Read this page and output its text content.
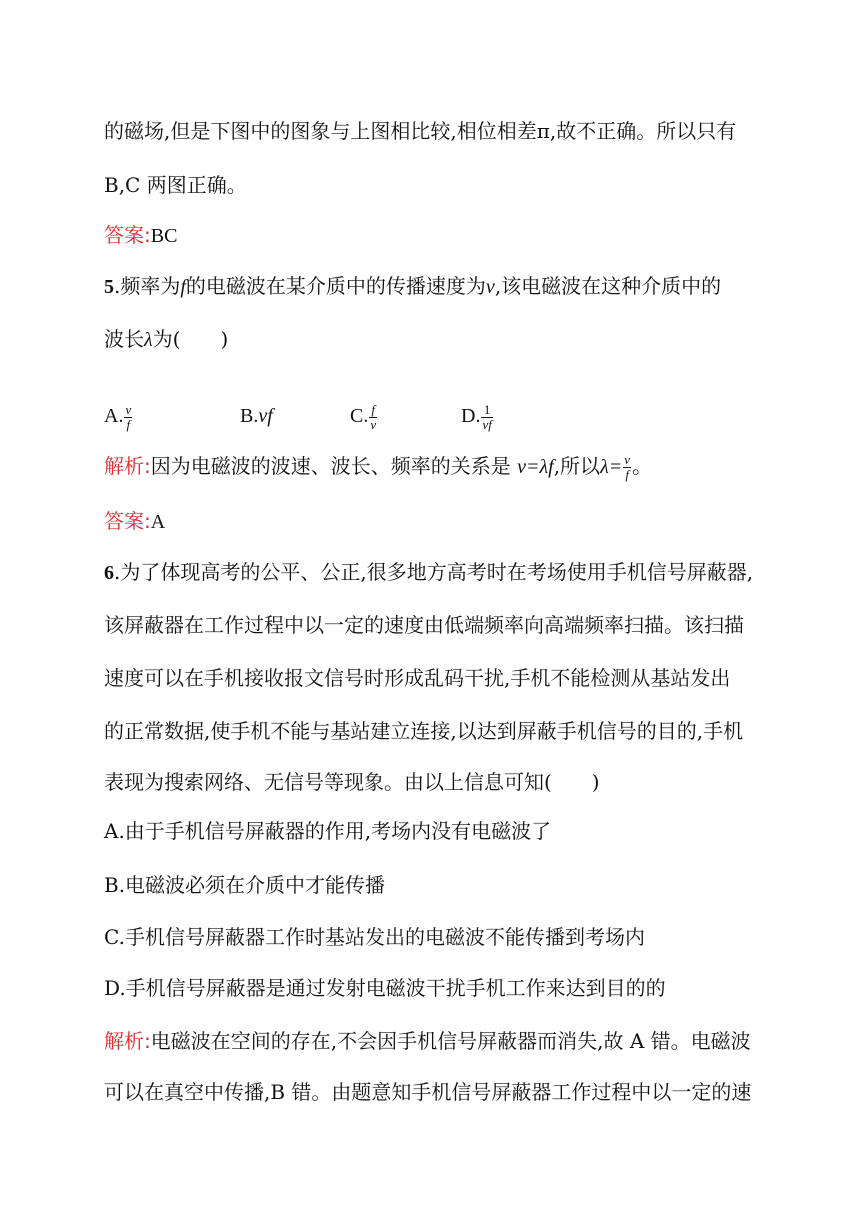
的磁场,但是下图中的图象与上图相比较,相位相差π,故不正确。所以只有
B,C 两图正确。
答案:BC
5.频率为f的电磁波在某介质中的传播速度为v,该电磁波在这种介质中的
波长λ为(　　)
A. $\frac{v}{f}$	B.vf	C. $\frac{f}{v}$	D. $\frac{1}{vf}$
解析:因为电磁波的波速、波长、频率的关系是 v=λf,所以$\lambda= \frac{v}{f}$ 。
答案:A
6.为了体现高考的公平、公正,很多地方高考时在考场使用手机信号屏蔽器,
该屏蔽器在工作过程中以一定的速度由低端频率向高端频率扫描。该扫描
速度可以在手机接收报文信号时形成乱码干扰,手机不能检测从基站发出
的正常数据,使手机不能与基站建立连接,以达到屏蔽手机信号的目的,手机
表现为搜索网络、无信号等现象。由以上信息可知(　　)
A.由于手机信号屏蔽器的作用,考场内没有电磁波了
B.电磁波必须在介质中才能传播
C.手机信号屏蔽器工作时基站发出的电磁波不能传播到考场内
D.手机信号屏蔽器是通过发射电磁波干扰手机工作来达到目的的
解析:电磁波在空间的存在,不会因手机信号屏蔽器而消失,故 A 错。电磁波
可以在真空中传播,B 错。由题意知手机信号屏蔽器工作过程中以一定的速
